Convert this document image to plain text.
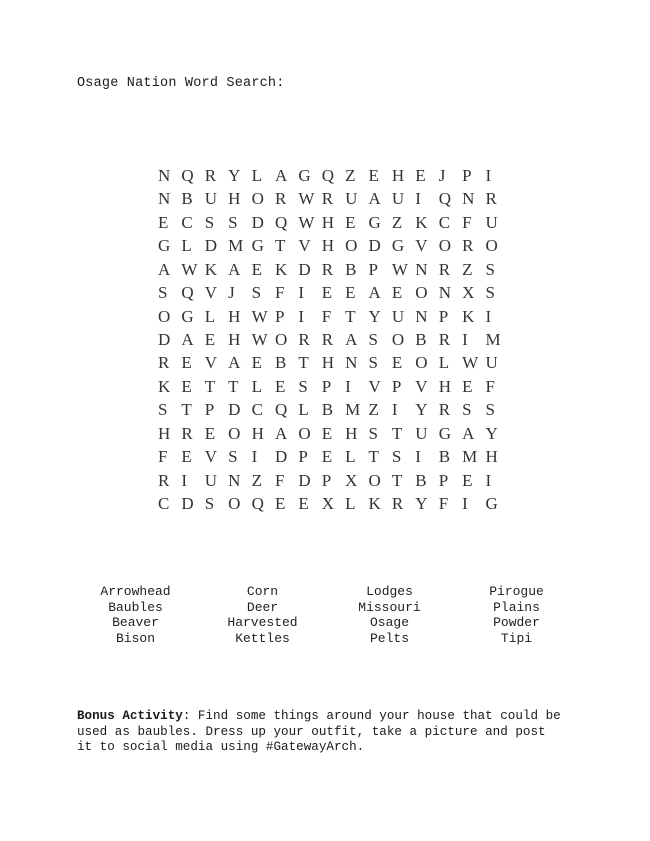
Osage Nation Word Search:
N Q R Y L A G Q Z E H E J P I
N B U H O R W R U A U I	Q N R
E C S S D Q W H E G Z K C F U
G L D M G T V H O D G V O R O
A W K A E K D R B P W N R Z S
S Q V J S F I	E E A E O N X S
O G L H W P I	F T Y U N P K I
D A E H W O R R A S O B R I	M
R E V A E B T H N S E O L W U
K E T T L E S P I	V P V H E F
S T P D C Q L B M Z I	Y R S S
H R E O H A O E H S T U G A Y
F E V S I	D P E L T S I	B M H
R I	U N Z F D P X O T B P E I
C D S O Q E E X L K R Y F I	G
Arrowhead
Baubles
Beaver
Bison
Corn
Deer
Harvested
Kettles
Lodges
Missouri
Osage
Pelts
Pirogue
Plains
Powder
Tipi
Bonus Activity: Find some things around your house that could be
used as baubles. Dress up your outfit, take a picture and post
it to social media using #GatewayArch.
